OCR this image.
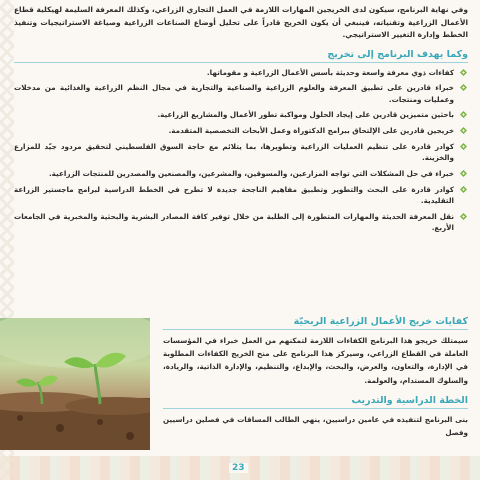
وفي نهاية البرنامج، سيكون لدى الخريجين المهارات اللازمة في العمل التجاري الزراعي، وكذلك المعرفة السليمة لهيكلية قطاع الأعمال الزراعية وتقنياته، فينبغي أن يكون الخريج قادراً على تحليل أوضاع الصناعات الزراعية وصياغة الاستراتيجيات وتنفيذ الخطط وإدارة التغيير الاستراتيجي.

وكما يهدف البرنامج إلى تخريج
كفاءات ذوي معرفة واسعة وحديثة بأسس الأعمال الزراعية و مقوماتها.
خبراء قادرين على تطبيق المعرفة والعلوم الزراعية والصناعية والتجارية في مجال النظم الزراعية والغذائية من مدخلات وعمليات ومنتجات.
باحثين متميزين قادرين على إيجاد الحلول ومواكبة تطور الأعمال والمشاريع الزراعية.
خريجين قادرين على الإلتحاق ببرامج الدكتوراة وعمل الأبحاث التخصصية المتقدمة.
كوادر قادرة على تنظيم العمليات الزراعية وتطويرها، بما يتلائم مع حاجة السوق الفلسطيني لتحقيق مردود جيّد للمزارع والخزينة.
خبراء في حل المشكلات التي تواجه المزارعين، والمسوقين، والمشرعين، والمصنعين والمصدرين للمنتجات الزراعية.
كوادر قادرة على البحث والتطوير وتطبيق مفاهيم الناجحة جديدة لا تطرح في الخطط الدراسية لبرامج ماجستير الزراعة التقليدية.
نقل المعرفة الحديثة والمهارات المتطورة إلى الطلبة من خلال توفير كافة المصادر البشرية والبحثية والمخبرية في الجامعات الأربع.
كفايات خريج الأعمال الزراعية الربحيّة

سيمتلك خريجو هذا البرنامج الكفاءات اللازمة لتمكنهم من العمل خبراء في المؤسسات العاملة في القطاع الزراعي، وسيركز هذا البرنامج على منح الخريج الكفاءات المطلوبة في الإدارة، والتعاون، والعرض، والبحث، والإبداع، والتنظيم، والإدارة الذاتية، والريادة، والسلوك المستدام، والعولمة.

الخطة الدراسية والتدريب

بنى البرنامج لتنفيذه في عامين دراسيين، ينهي الطالب المساقات في فصلين دراسيين وفصل

23
